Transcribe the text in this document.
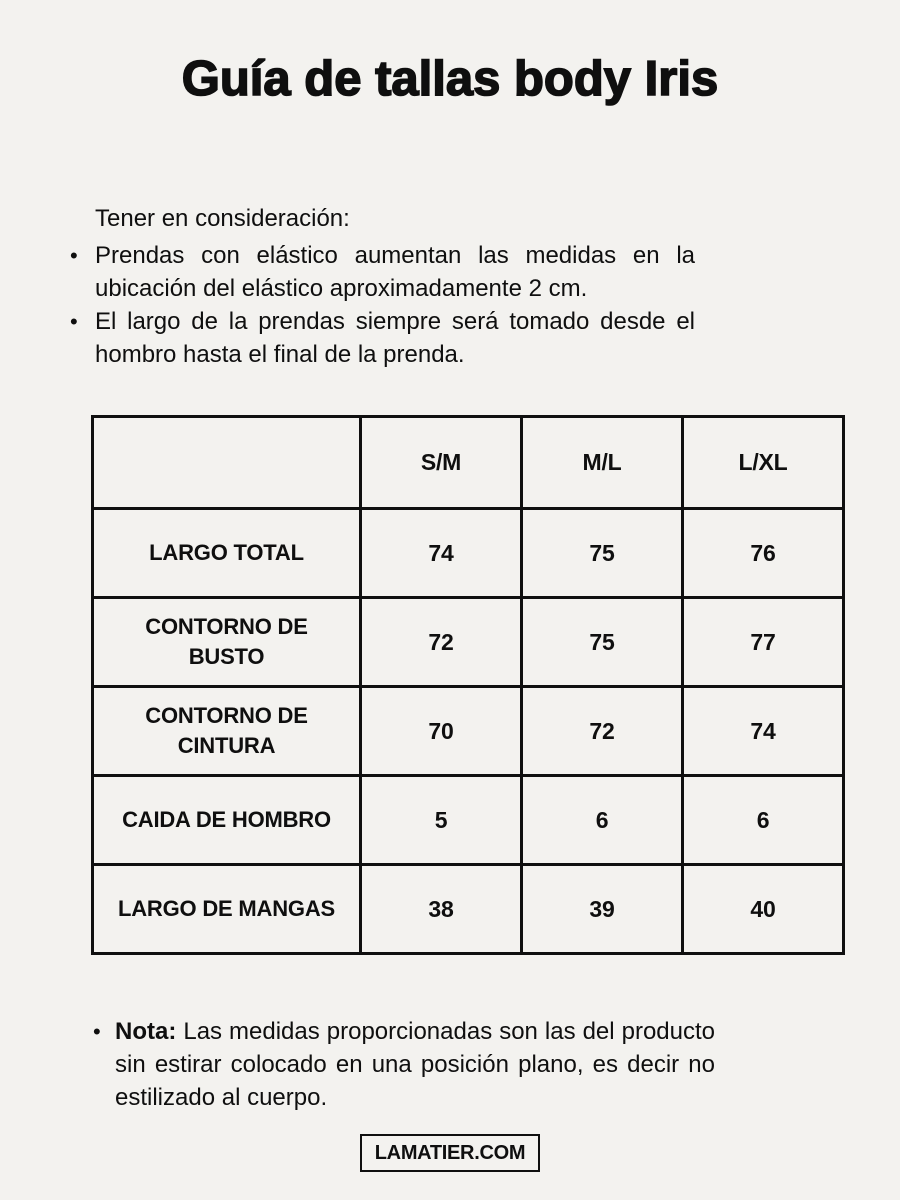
Guía de tallas body Iris
Tener en consideración:
• Prendas con elástico aumentan las medidas en la ubicación del elástico aproximadamente 2 cm.

• El largo de la prendas siempre será tomado desde el hombro hasta el final de la prenda.

	S/M	M/L	L/XL
LARGO TOTAL	74	75	76
CONTORNO DE BUSTO	72	75	77
CONTORNO DE CINTURA	70	72	74
CAIDA DE HOMBRO	5	6	6
LARGO DE MANGAS	38	39	40
• Nota: Las medidas proporcionadas son las del producto sin estirar colocado en una posición plano, es decir no estilizado al cuerpo.

LAMATIER.COM
